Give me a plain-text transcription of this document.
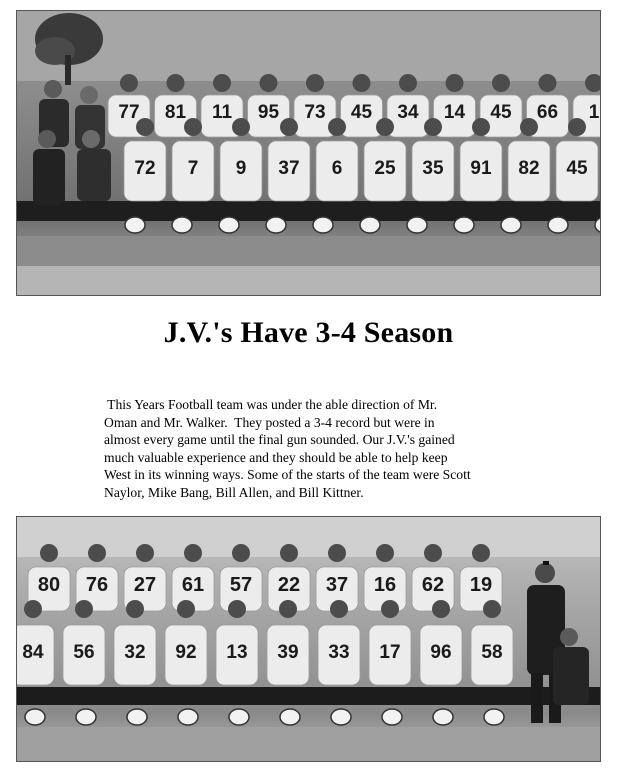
77 81 11 95 73 45 34 14 45 66 1
72 7 9 37 6 25 35 91 82 45
J.V.'s Have 3-4 Season
This Years Football team was under the able direction of Mr.
Oman and Mr. Walker.  They posted a 3-4 record but were in
almost every game until the final gun sounded. Our J.V.'s gained
much valuable experience and they should be able to help keep
West in its winning ways. Some of the starts of the team were Scott
Naylor, Mike Bang, Bill Allen, and Bill Kittner.
80 76 27 61 57 22 37 16 62 19
84 56 32 92 13 39 33 17 96 58
